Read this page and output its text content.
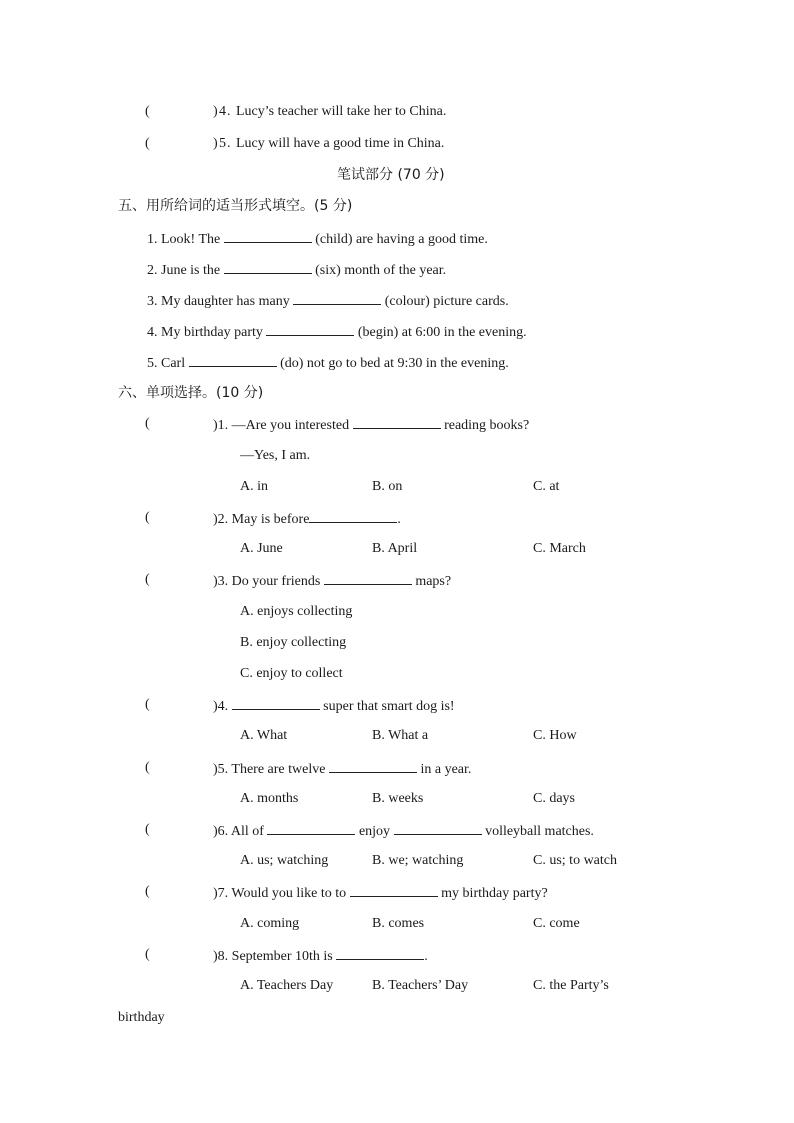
(	) 4 . Lucy’s teacher will take her to China.
(	) 5 . Lucy will have a good time in China.
笔试部分 (70 分)
五、用所给词的适当形式填空。(5 分)
1. Look! The	(child) are having a good time.
2. June is the	(six) month of the year.
3. My daughter has many	(colour) picture cards.
4. My birthday party	(begin) at 6:00 in the evening.
5. Carl	(do) not go to bed at 9:30 in the evening.
六、单项选择。(10 分)
(	)1. —Are you interested	reading books?
—Yes, I am.
A. in	B. on	C. at
(	)2. May is before	.
A. June	B. April	C. March
(	)3. Do your friends	maps?
A. enjoys collecting
B. enjoy collecting
C. enjoy to collect
(	)4.	super that smart dog is!
A. What	B. What a	C. How
(	)5. There are twelve	in a year.
A. months	B. weeks	C. days
(	)6. All of	enjoy	volleyball matches.
A. us; watching	B. we; watching	C. us; to watch
(	)7. Would you like to to	my birthday party?
A. coming	B. comes	C. come
(	)8. September 10th is	.
A. Teachers Day	B. Teachers’ Day	C. the Party’s
birthday
